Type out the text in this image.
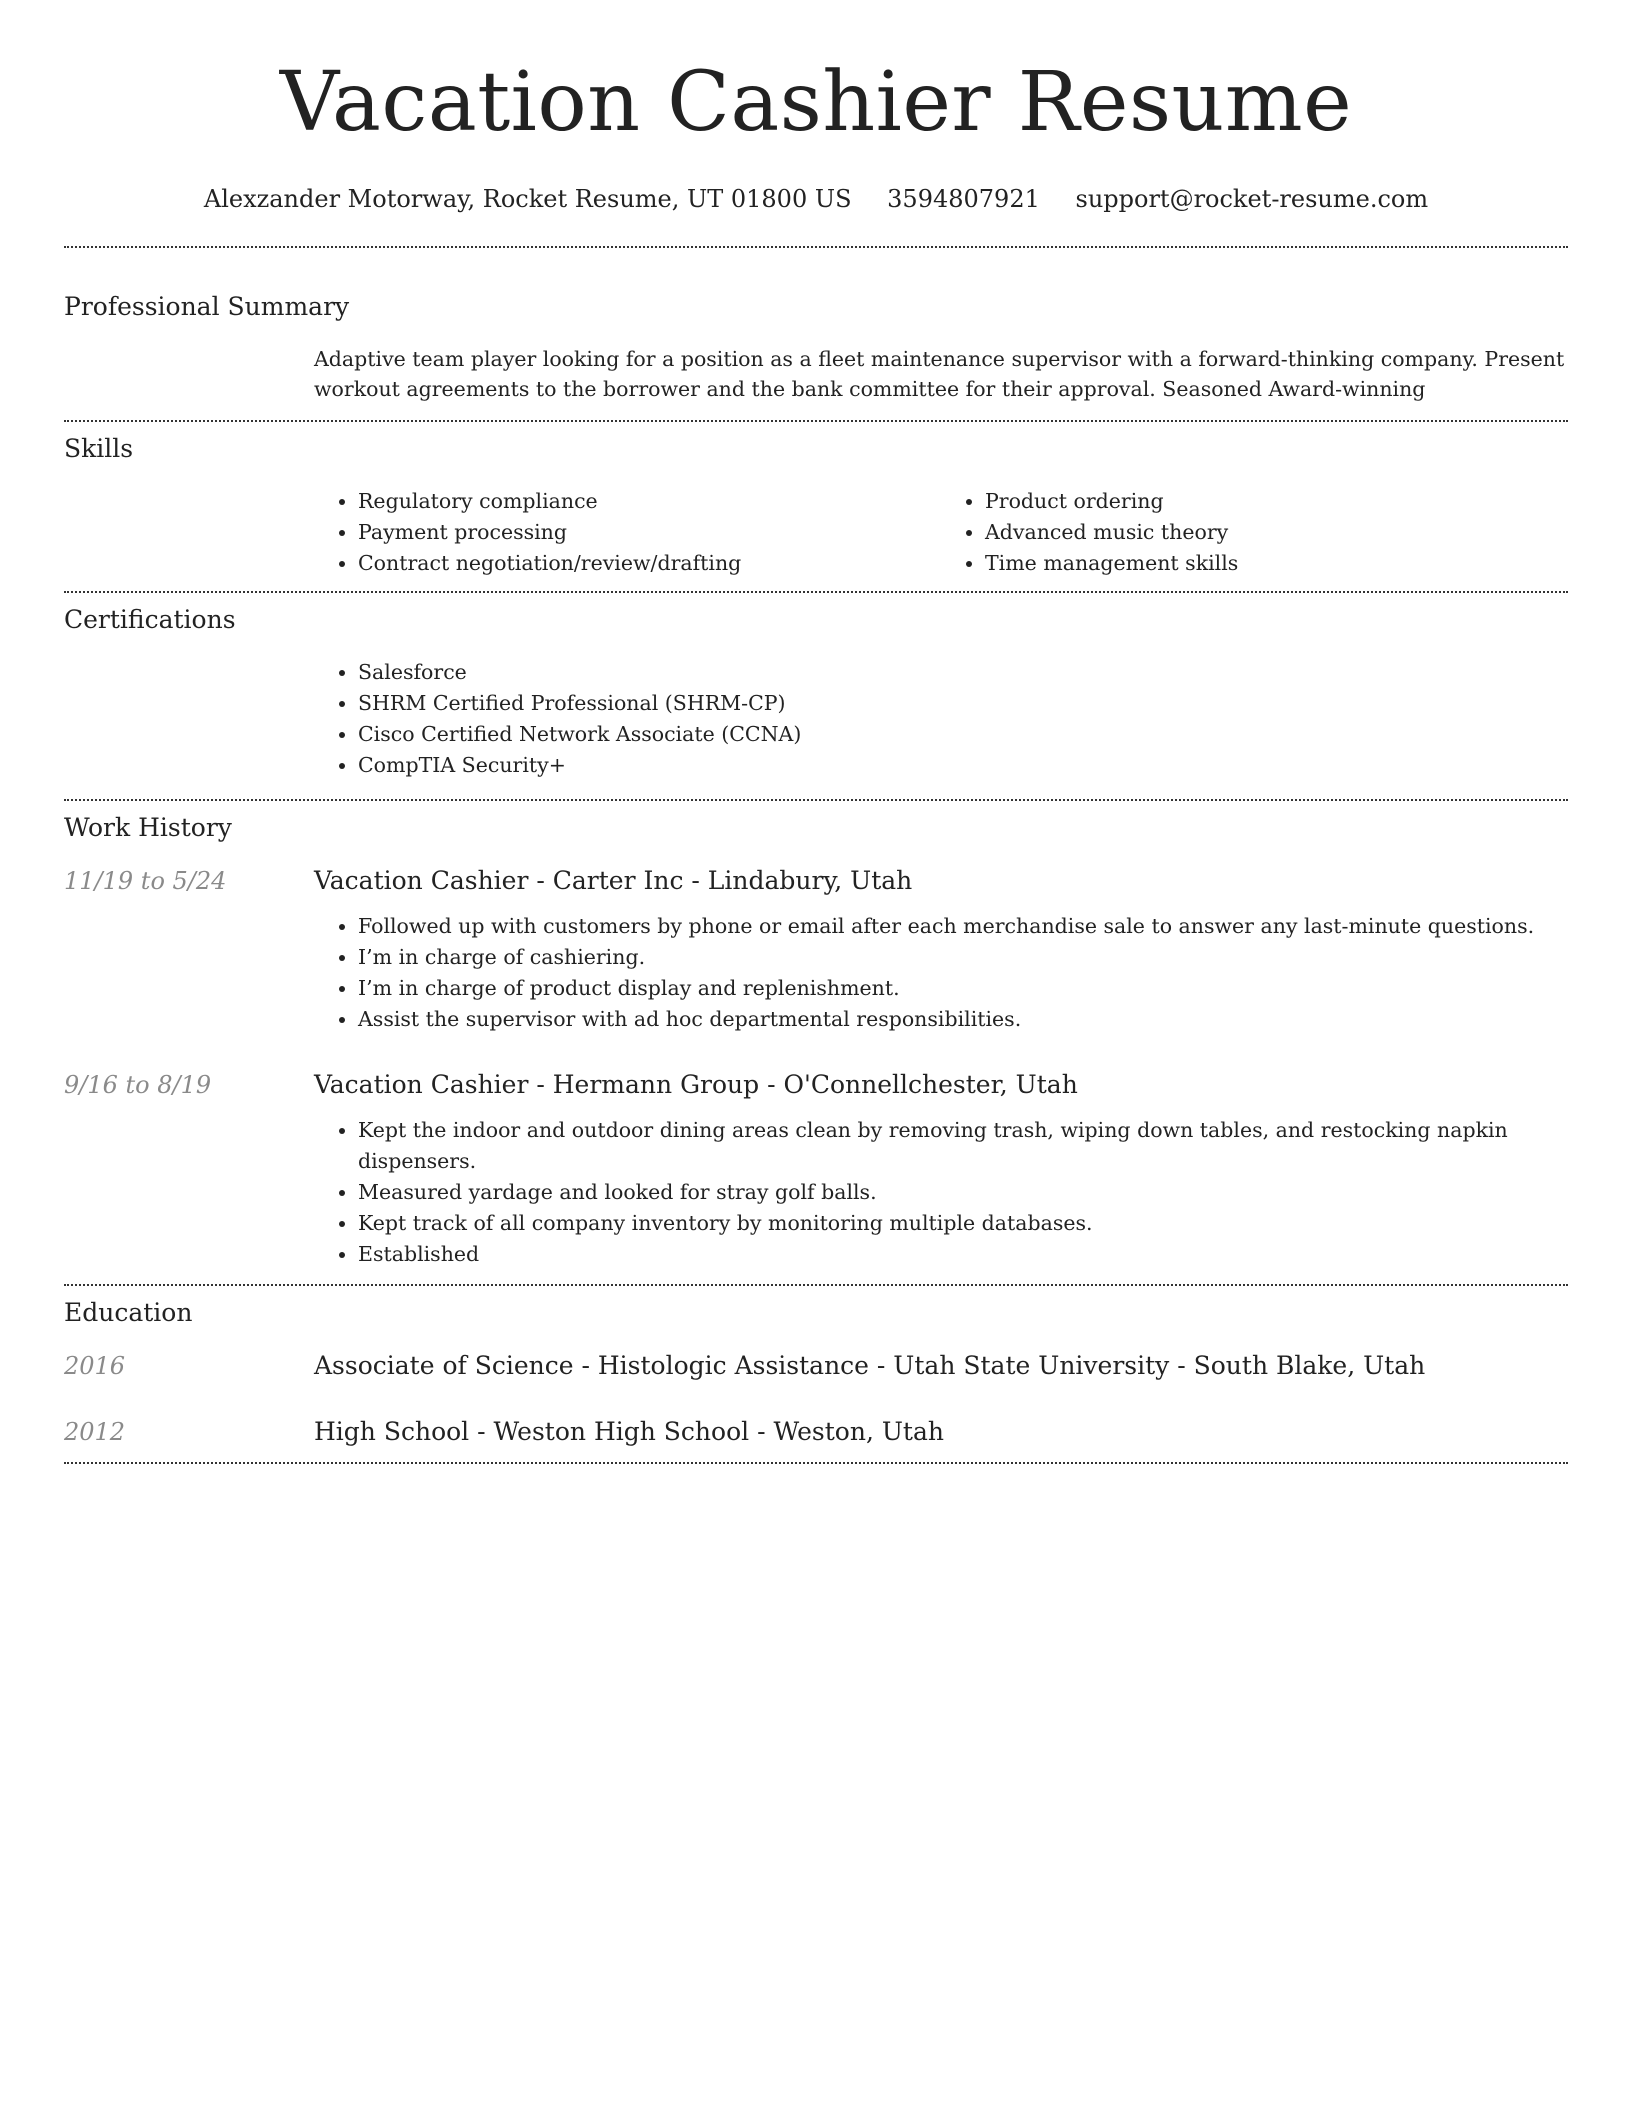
Vacation Cashier Resume
Alexzander Motorway, Rocket Resume, UT 01800 US 3594807921 support@rocket-resume.com
Professional Summary

Adaptive team player looking for a position as a fleet maintenance supervisor with a forward-thinking company. Present workout agreements to the borrower and the bank committee for their approval. Seasoned Award-winning

Skills
• Regulatory compliance
• Payment processing
• Contract negotiation/review/drafting
• Product ordering
• Advanced music theory
• Time management skills
Certifications
• Salesforce
• SHRM Certified Professional (SHRM-CP)
• Cisco Certified Network Associate (CCNA)
• CompTIA Security+
Work History
11/19 to 5/24	Vacation Cashier - Carter Inc - Lindabury, Utah
• Followed up with customers by phone or email after each merchandise sale to answer any last-minute questions.
• I’m in charge of cashiering.
• I’m in charge of product display and replenishment.
• Assist the supervisor with ad hoc departmental responsibilities.
9/16 to 8/19	Vacation Cashier - Hermann Group - O'Connellchester, Utah
• Kept the indoor and outdoor dining areas clean by removing trash, wiping down tables, and restocking napkin dispensers.
• Measured yardage and looked for stray golf balls.
• Kept track of all company inventory by monitoring multiple databases.
• Established
Education
2016	Associate of Science - Histologic Assistance - Utah State University - South Blake, Utah
2012	High School - Weston High School - Weston, Utah
